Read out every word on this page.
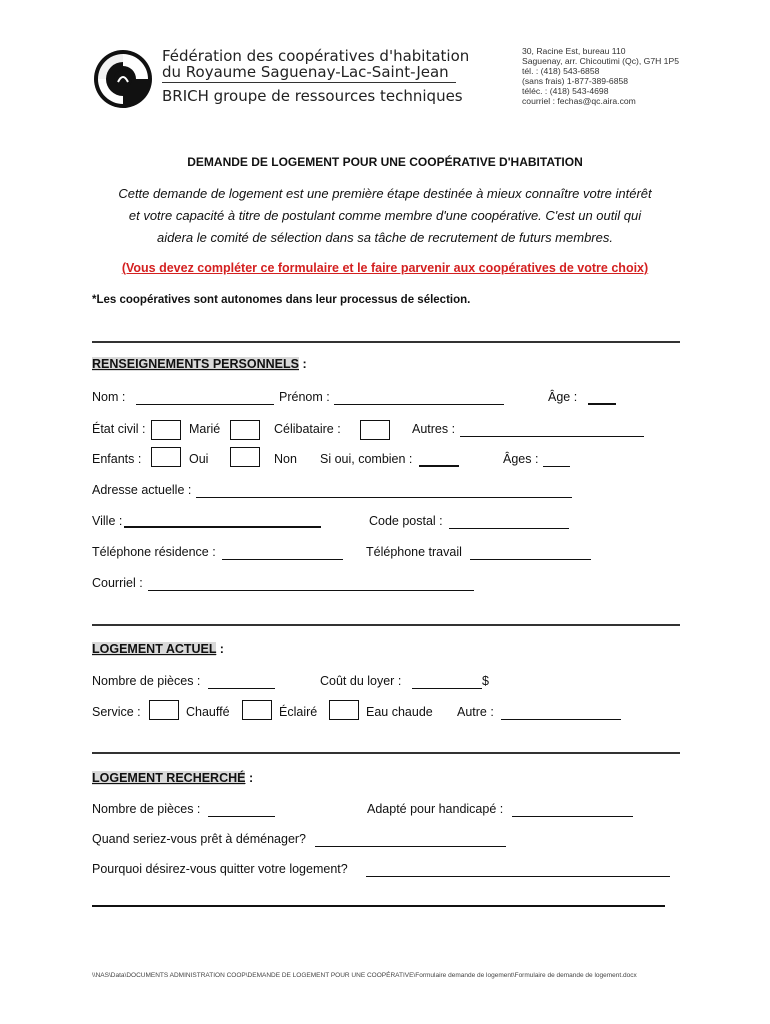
Fédération des coopératives d'habitation
du Royaume Saguenay-Lac-Saint-Jean
BRICH groupe de ressources techniques
30, Racine Est, bureau 110
Saguenay, arr. Chicoutimi (Qc), G7H 1P5
tél. : (418) 543-6858
(sans frais) 1-877-389-6858
téléc. : (418) 543-4698
courriel : fechas@qc.aira.com
DEMANDE DE LOGEMENT POUR UNE COOPÉRATIVE D'HABITATION
Cette demande de logement est une première étape destinée à mieux connaître votre intérêt
et votre capacité à titre de postulant comme membre d'une coopérative. C'est un outil qui
aidera le comité de sélection dans sa tâche de recrutement de futurs membres.
(Vous devez compléter ce formulaire et le faire parvenir aux coopératives de votre choix)
*Les coopératives sont autonomes dans leur processus de sélection.
RENSEIGNEMENTS PERSONNELS :
Nom :	Prénom :	Âge :
État civil :	Marié	Célibataire :	Autres :
Enfants :	Oui	Non Si oui, combien :	Âges :
Adresse actuelle :
Ville :	Code postal :
Téléphone résidence :	Téléphone travail
Courriel :
LOGEMENT ACTUEL :
Nombre de pièces :	Coût du loyer :	$
Service :	Chauffé	Éclairé	Eau chaude Autre :
LOGEMENT RECHERCHÉ :
Nombre de pièces :	Adapté pour handicapé :
Quand seriez-vous prêt à déménager?
Pourquoi désirez-vous quitter votre logement?
\\NAS\Data\DOCUMENTS ADMINISTRATION COOP\DEMANDE DE LOGEMENT POUR UNE COOPÉRATIVE\Formulaire demande de logement\Formulaire de demande de logement.docx
